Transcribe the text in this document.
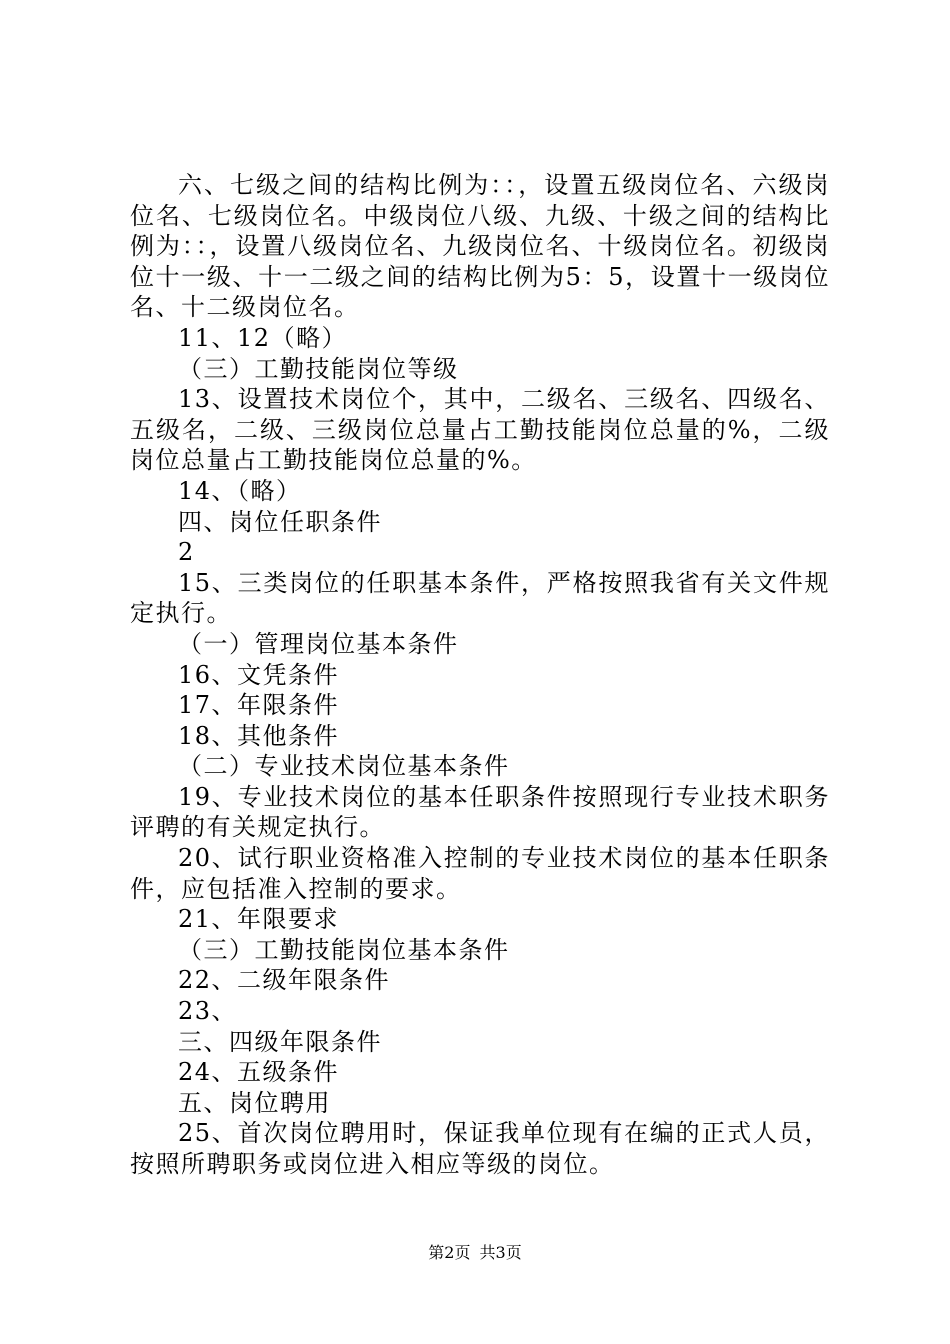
六、七级之间的结构比例为：：，设置五级岗位名、六级岗位名、七级岗位名。中级岗位八级、九级、十级之间的结构比例为：：，设置八级岗位名、九级岗位名、十级岗位名。初级岗位十一级、十一二级之间的结构比例为5：5，设置十一级岗位名、十二级岗位名。

11、12（略）

（三）工勤技能岗位等级

13、设置技术岗位个，其中，二级名、三级名、四级名、五级名，二级、三级岗位总量占工勤技能岗位总量的%，二级岗位总量占工勤技能岗位总量的%。

14、（略）

四、岗位任职条件

2

15、三类岗位的任职基本条件，严格按照我省有关文件规定执行。

（一）管理岗位基本条件

16、文凭条件

17、年限条件

18、其他条件

（二）专业技术岗位基本条件

19、专业技术岗位的基本任职条件按照现行专业技术职务评聘的有关规定执行。

20、试行职业资格准入控制的专业技术岗位的基本任职条件，应包括准入控制的要求。

21、年限要求

（三）工勤技能岗位基本条件

22、二级年限条件

23、

三、四级年限条件

24、五级条件

五、岗位聘用

25、首次岗位聘用时，保证我单位现有在编的正式人员，按照所聘职务或岗位进入相应等级的岗位。

第2页 共3页
